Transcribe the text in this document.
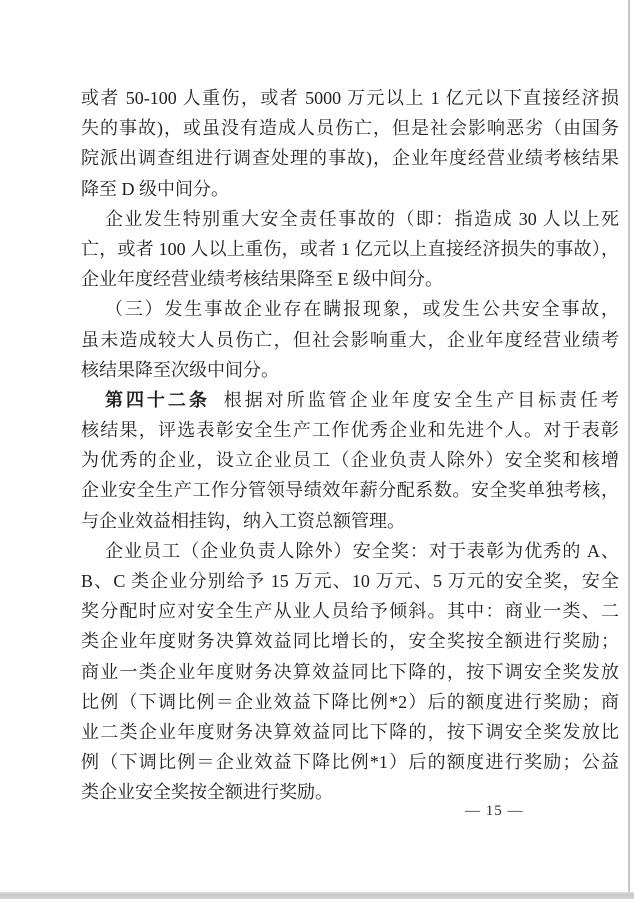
或者 50-100 人重伤，或者 5000 万元以上 1 亿元以下直接经济损
失的事故)，或虽没有造成人员伤亡，但是社会影响恶劣（由国务
院派出调查组进行调查处理的事故)，企业年度经营业绩考核结果
降至 D 级中间分。
企业发生特别重大安全责任事故的（即：指造成 30 人以上死
亡，或者 100 人以上重伤，或者 1 亿元以上直接经济损失的事故），
企业年度经营业绩考核结果降至 E 级中间分。
（三）发生事故企业存在瞒报现象，或发生公共安全事故，
虽未造成较大人员伤亡，但社会影响重大，企业年度经营业绩考
核结果降至次级中间分。
第四十二条 根据对所监管企业年度安全生产目标责任考
核结果，评选表彰安全生产工作优秀企业和先进个人。对于表彰
为优秀的企业，设立企业员工（企业负责人除外）安全奖和核增
企业安全生产工作分管领导绩效年薪分配系数。安全奖单独考核，
与企业效益相挂钩，纳入工资总额管理。
企业员工（企业负责人除外）安全奖：对于表彰为优秀的 A、
B、C 类企业分别给予 15 万元、10 万元、5 万元的安全奖，安全
奖分配时应对安全生产从业人员给予倾斜。其中：商业一类、二
类企业年度财务决算效益同比增长的，安全奖按全额进行奖励；
商业一类企业年度财务决算效益同比下降的，按下调安全奖发放
比例（下调比例＝企业效益下降比例*2）后的额度进行奖励；商
业二类企业年度财务决算效益同比下降的，按下调安全奖发放比
例（下调比例＝企业效益下降比例*1）后的额度进行奖励；公益
类企业安全奖按全额进行奖励。
— 15 —
